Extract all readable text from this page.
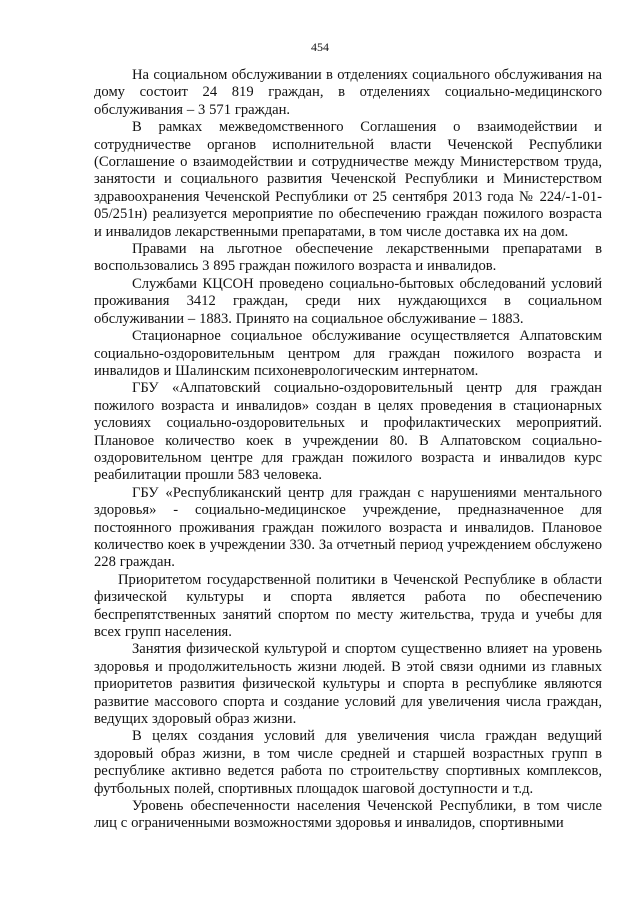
454

На социальном обслуживании в отделениях социального обслуживания на дому состоит 24 819 граждан, в отделениях социально-медицинского обслуживания – 3 571 граждан.

В рамках межведомственного Соглашения о взаимодействии и сотрудничестве органов исполнительной власти Чеченской Республики (Соглашение о взаимодействии и сотрудничестве между Министерством труда, занятости и социального развития Чеченской Республики и Министерством здравоохранения Чеченской Республики от 25 сентября 2013 года № 224/-1-01-05/251н) реализуется мероприятие по обеспечению граждан пожилого возраста и инвалидов лекарственными препаратами, в том числе доставка их на дом.

Правами на льготное обеспечение лекарственными препаратами в воспользовались 3 895 граждан пожилого возраста и инвалидов.

Службами КЦСОН проведено социально-бытовых обследований условий проживания 3412 граждан, среди них нуждающихся в социальном обслуживании – 1883. Принято на социальное обслуживание – 1883.

Стационарное социальное обслуживание осуществляется Алпатовским социально-оздоровительным центром для граждан пожилого возраста и инвалидов и Шалинским психоневрологическим интернатом.

ГБУ «Алпатовский социально-оздоровительный центр для граждан пожилого возраста и инвалидов» создан в целях проведения в стационарных условиях социально-оздоровительных и профилактических мероприятий. Плановое количество коек в учреждении 80. В Алпатовском социально-оздоровительном центре для граждан пожилого возраста и инвалидов курс реабилитации прошли 583 человека.

ГБУ «Республиканский центр для граждан с нарушениями ментального здоровья» - социально-медицинское учреждение, предназначенное для постоянного проживания граждан пожилого возраста и инвалидов. Плановое количество коек в учреждении 330. За отчетный период учреждением обслужено 228 граждан.

Приоритетом государственной политики в Чеченской Республике в области физической культуры и спорта является работа по обеспечению беспрепятственных занятий спортом по месту жительства, труда и учебы для всех групп населения.

Занятия физической культурой и спортом существенно влияет на уровень здоровья и продолжительность жизни людей. В этой связи одними из главных приоритетов развития физической культуры и спорта в республике являются развитие массового спорта и создание условий для увеличения числа граждан, ведущих здоровый образ жизни.

В целях создания условий для увеличения числа граждан ведущий здоровый образ жизни, в том числе средней и старшей возрастных групп в республике активно ведется работа по строительству спортивных комплексов, футбольных полей, спортивных площадок шаговой доступности и т.д.

Уровень обеспеченности населения Чеченской Республики, в том числе лиц с ограниченными возможностями здоровья и инвалидов, спортивными
